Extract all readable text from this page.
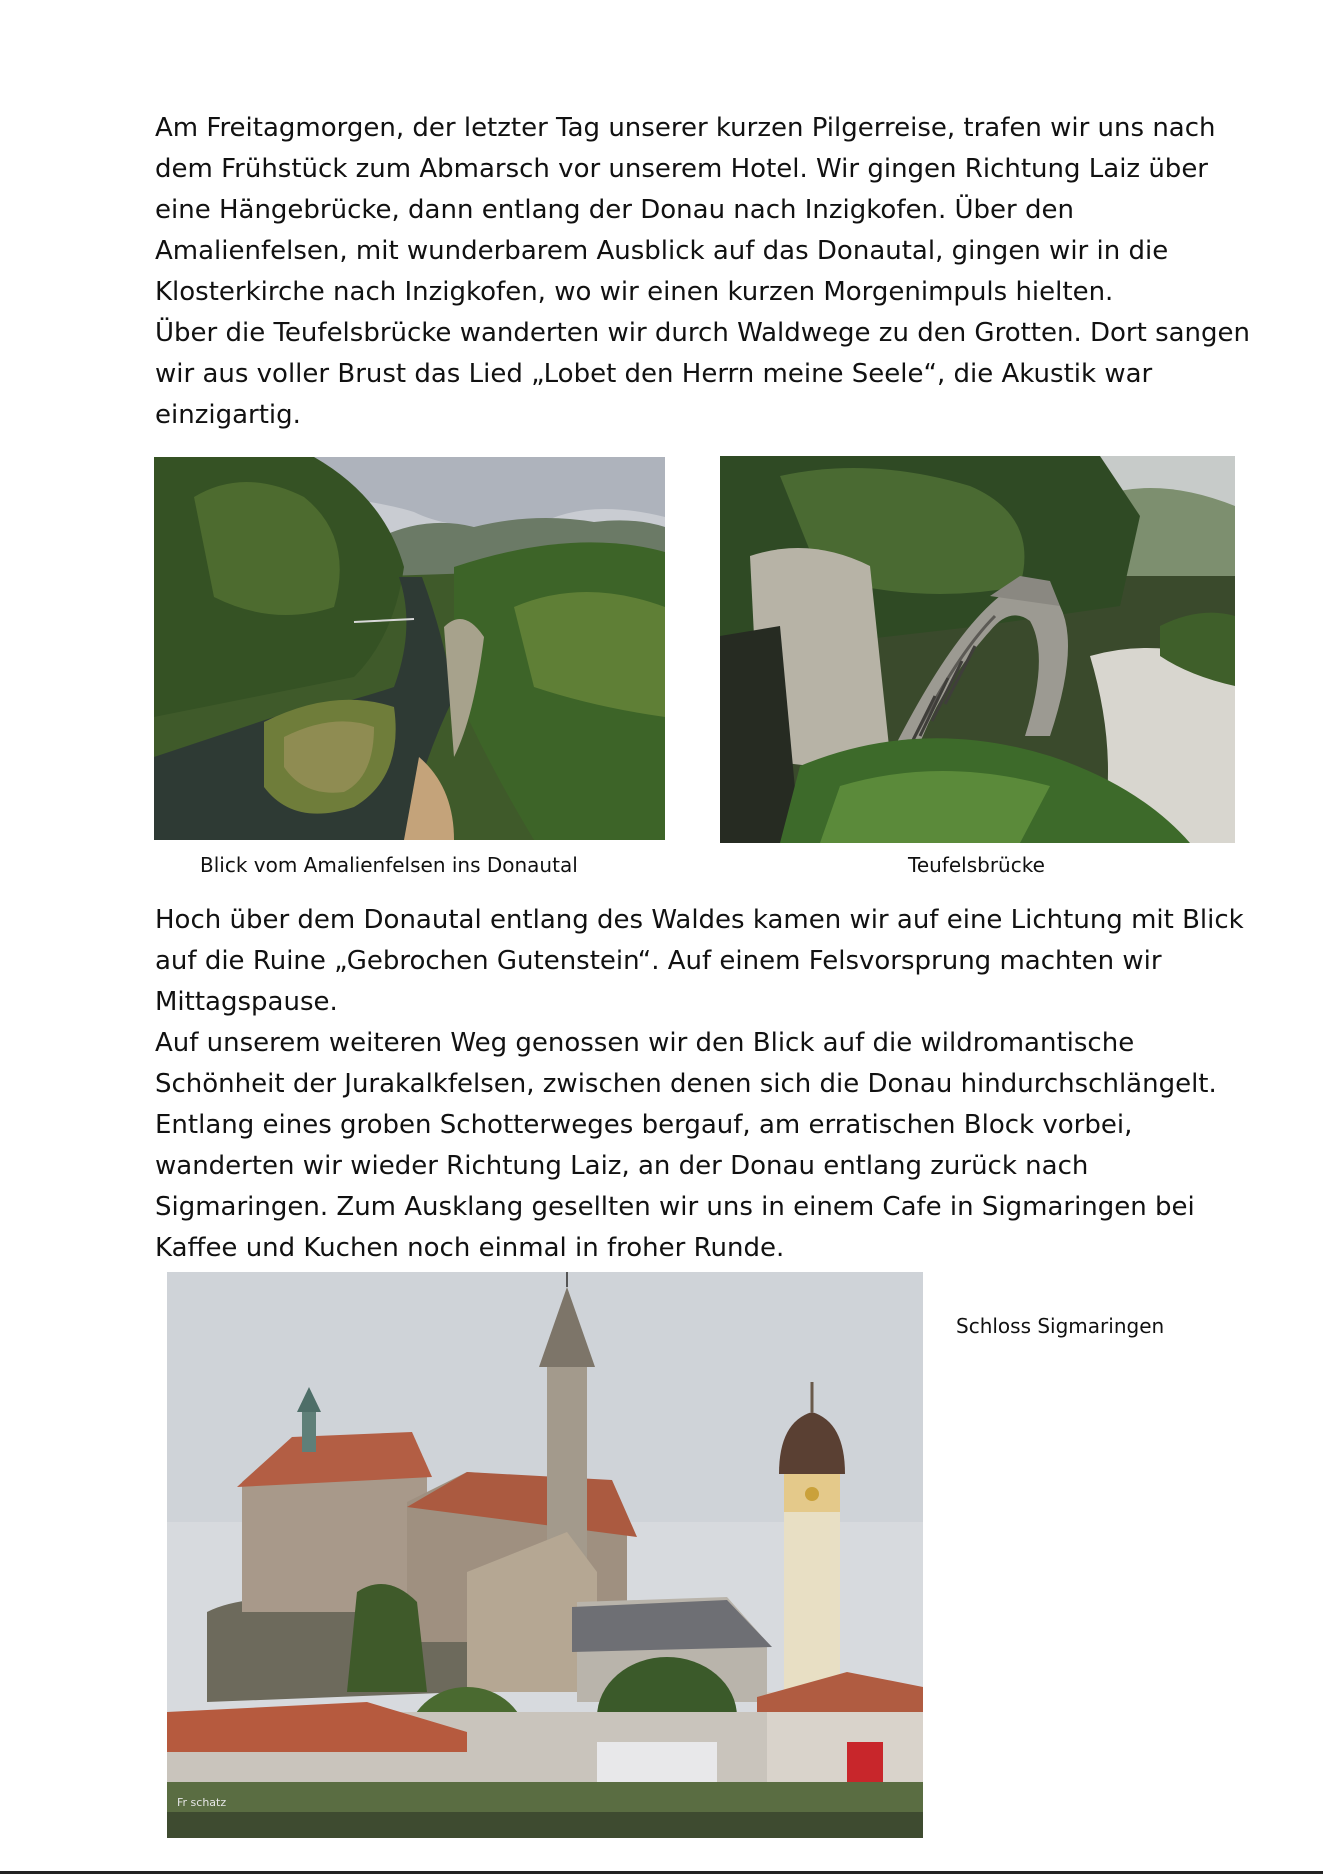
Am Freitagmorgen, der letzter Tag unserer kurzen Pilgerreise, trafen wir uns nach dem Frühstück zum Abmarsch vor unserem Hotel. Wir gingen Richtung Laiz über eine Hängebrücke, dann entlang der Donau nach Inzigkofen. Über den Amalienfelsen, mit wunderbarem Ausblick auf das Donautal, gingen wir in die Klosterkirche nach Inzigkofen, wo wir einen kurzen Morgenimpuls hielten.

Über die Teufelsbrücke wanderten wir durch Waldwege zu den Grotten. Dort sangen wir aus voller Brust das Lied „Lobet den Herrn meine Seele“, die Akustik war einzigartig.

Blick vom Amalienfelsen ins Donautal	Teufelsbrücke

Hoch über dem Donautal entlang des Waldes kamen wir auf eine Lichtung mit Blick auf die Ruine „Gebrochen Gutenstein“. Auf einem Felsvorsprung machten wir Mittagspause.

Auf unserem weiteren Weg genossen wir den Blick auf die wildromantische Schönheit der Jurakalkfelsen, zwischen denen sich die Donau hindurchschlängelt. Entlang eines groben Schotterweges bergauf, am erratischen Block vorbei, wanderten wir wieder Richtung Laiz, an der Donau entlang zurück nach Sigmaringen. Zum Ausklang gesellten wir uns in einem Cafe in Sigmaringen bei Kaffee und Kuchen noch einmal in froher Runde.

Fr schatz
Schloss Sigmaringen
